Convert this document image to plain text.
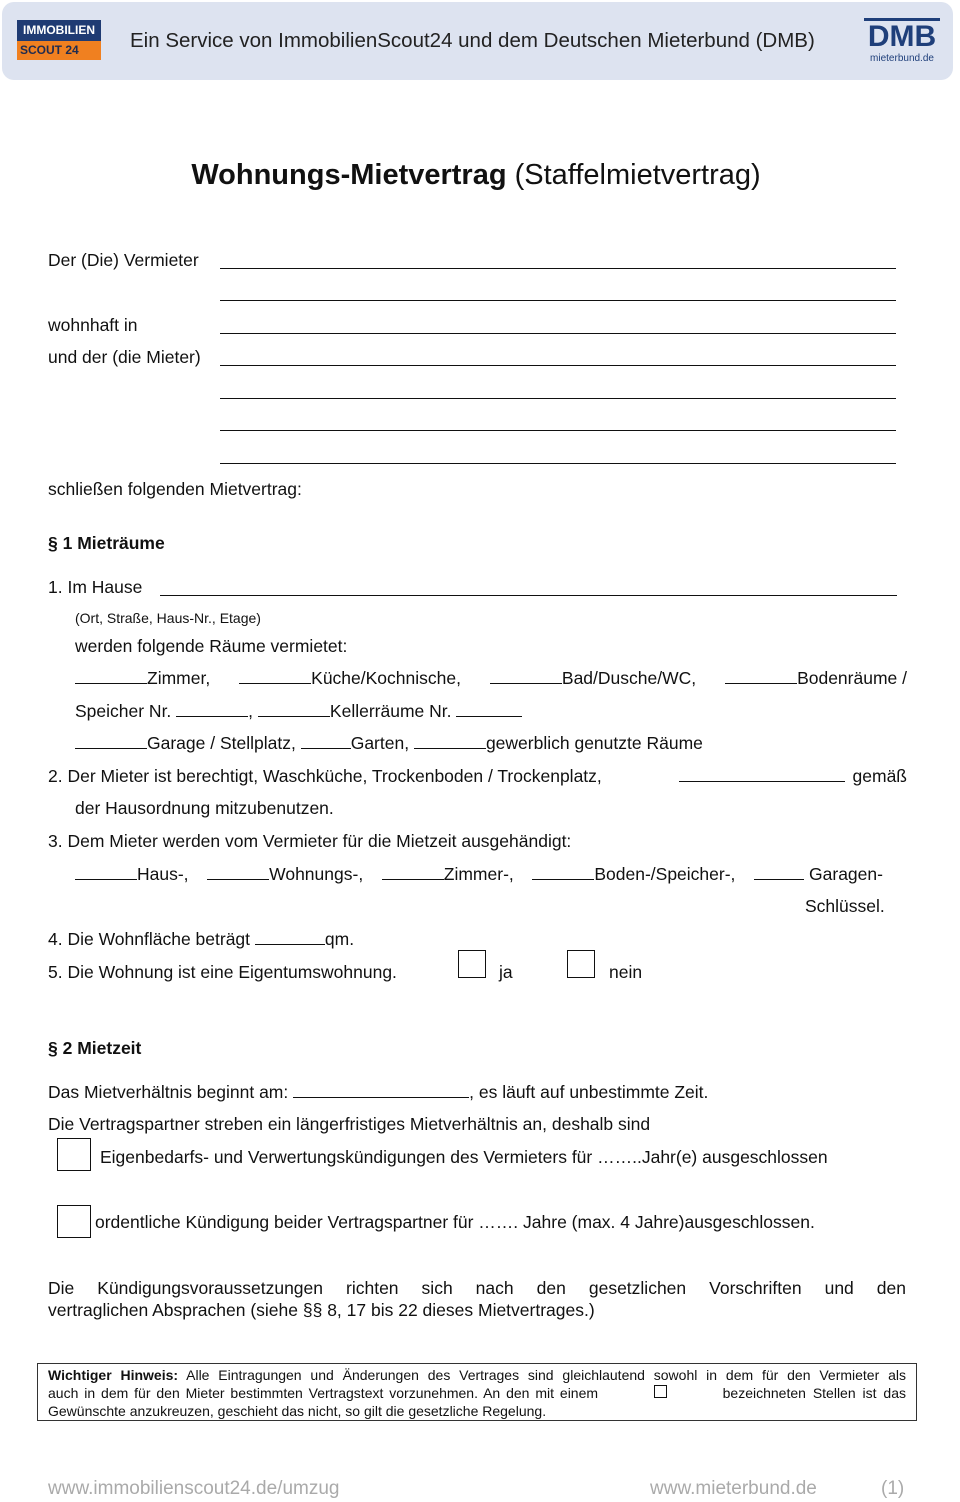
IMMOBILIEN
SCOUT 24	Ein Service von ImmobilienScout24 und dem Deutschen Mieterbund (DMB) DMB
mieterbund.de
Wohnungs-Mietvertrag (Staffelmietvertrag)
Der (Die) Vermieter
wohnhaft in
und der (die Mieter)
schließen folgenden Mietvertrag:
§ 1 Mieträume
1. Im Hause
(Ort, Straße, Haus-Nr., Etage)
werden folgende Räume vermietet:
Zimmer,	Küche/Kochnische,	Bad/Dusche/WC,	Bodenräume /
Speicher Nr.	,	Kellerräume Nr.
Garage / Stellplatz,	Garten,	gewerblich genutzte Räume
2. Der Mieter ist berechtigt, Waschküche, Trockenboden / Trockenplatz,	gemäß
der Hausordnung mitzubenutzen.
3. Dem Mieter werden vom Vermieter für die Mietzeit ausgehändigt:
Haus-,	Wohnungs-,	Zimmer-,	Boden-/Speicher-,	Garagen-
Schlüssel.
4. Die Wohnfläche beträgt	qm.
5. Die Wohnung ist eine Eigentumswohnung.	ja	nein
§ 2 Mietzeit
Das Mietverhältnis beginnt am:	, es läuft auf unbestimmte Zeit.
Die Vertragspartner streben ein längerfristiges Mietverhältnis an, deshalb sind
Eigenbedarfs- und Verwertungskündigungen des Vermieters für ……..Jahr(e) ausgeschlossen
ordentliche Kündigung beider Vertragspartner für ……. Jahre (max. 4 Jahre)ausgeschlossen.
Die Kündigungsvoraussetzungen richten sich nach den gesetzlichen Vorschriften und den
vertraglichen Absprachen (siehe §§ 8, 17 bis 22 dieses Mietvertrages.)
Wichtiger Hinweis: Alle Eintragungen und Änderungen des Vertrages sind gleichlautend sowohl in dem für den Vermieter als
auch in dem für den Mieter bestimmten Vertragstext vorzunehmen. An den mit einem	bezeichneten Stellen ist das
Gewünschte anzukreuzen, geschieht das nicht, so gilt die gesetzliche Regelung.
www.immobilienscout24.de/umzug	www.mieterbund.de	(1)
